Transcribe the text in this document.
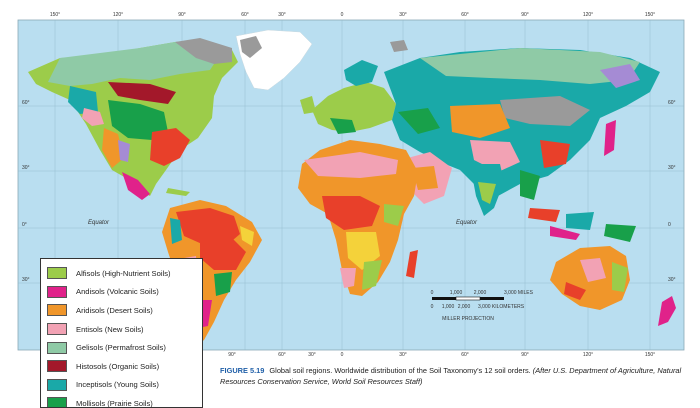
150°	120°	90°	60°	30°	0	30°	60°	90°	120°	150°
90°	60°	30°	0	30°	60°	90°	120°	150°
60°
30°
0°
30°
60°
30°
0
30°
Equator	Equator
0	1,000 2,000	3,000 MILES
0 1,000 2,000 3,000 KILOMETERS
MILLER PROJECTION
Alfisols (High-Nutrient Soils)
Andisols (Volcanic Soils)
Aridisols (Desert Soils)
Entisols (New Soils)
Gelisols (Permafrost Soils)
Histosols (Organic Soils)
Inceptisols (Young Soils)
Mollisols (Prairie Soils)
FIGURE 5.19 Global soil regions. Worldwide distribution of the Soil Taxonomy’s 12 soil orders. (After U.S. Department of Agriculture, Natural Resources Conservation Service, World Soil Resources Staff)
